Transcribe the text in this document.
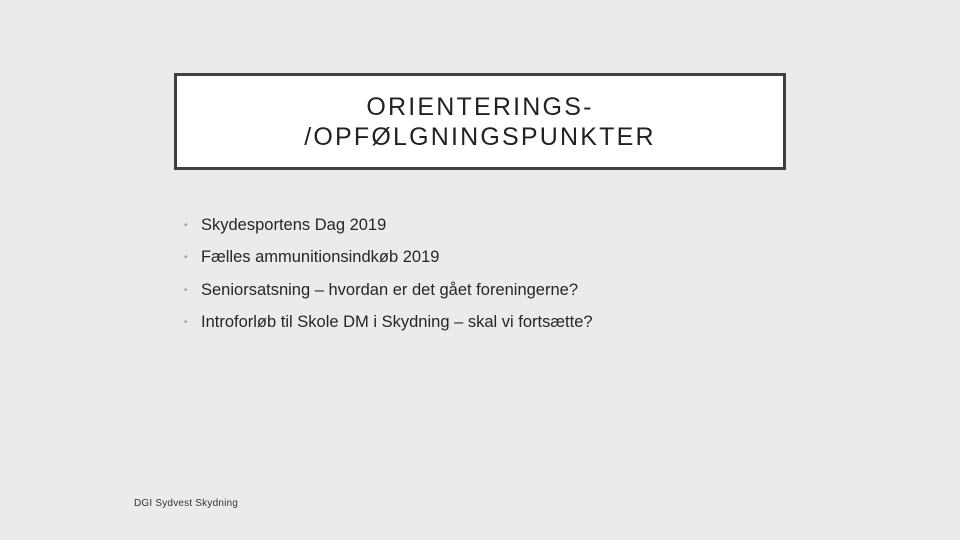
ORIENTERINGS-
/OPFØLGNINGSPUNKTER
• Skydesportens Dag 2019
• Fælles ammunitionsindkøb 2019
• Seniorsatsning – hvordan er det gået foreningerne?
• Introforløb til Skole DM i Skydning – skal vi fortsætte?
DGI Sydvest Skydning
